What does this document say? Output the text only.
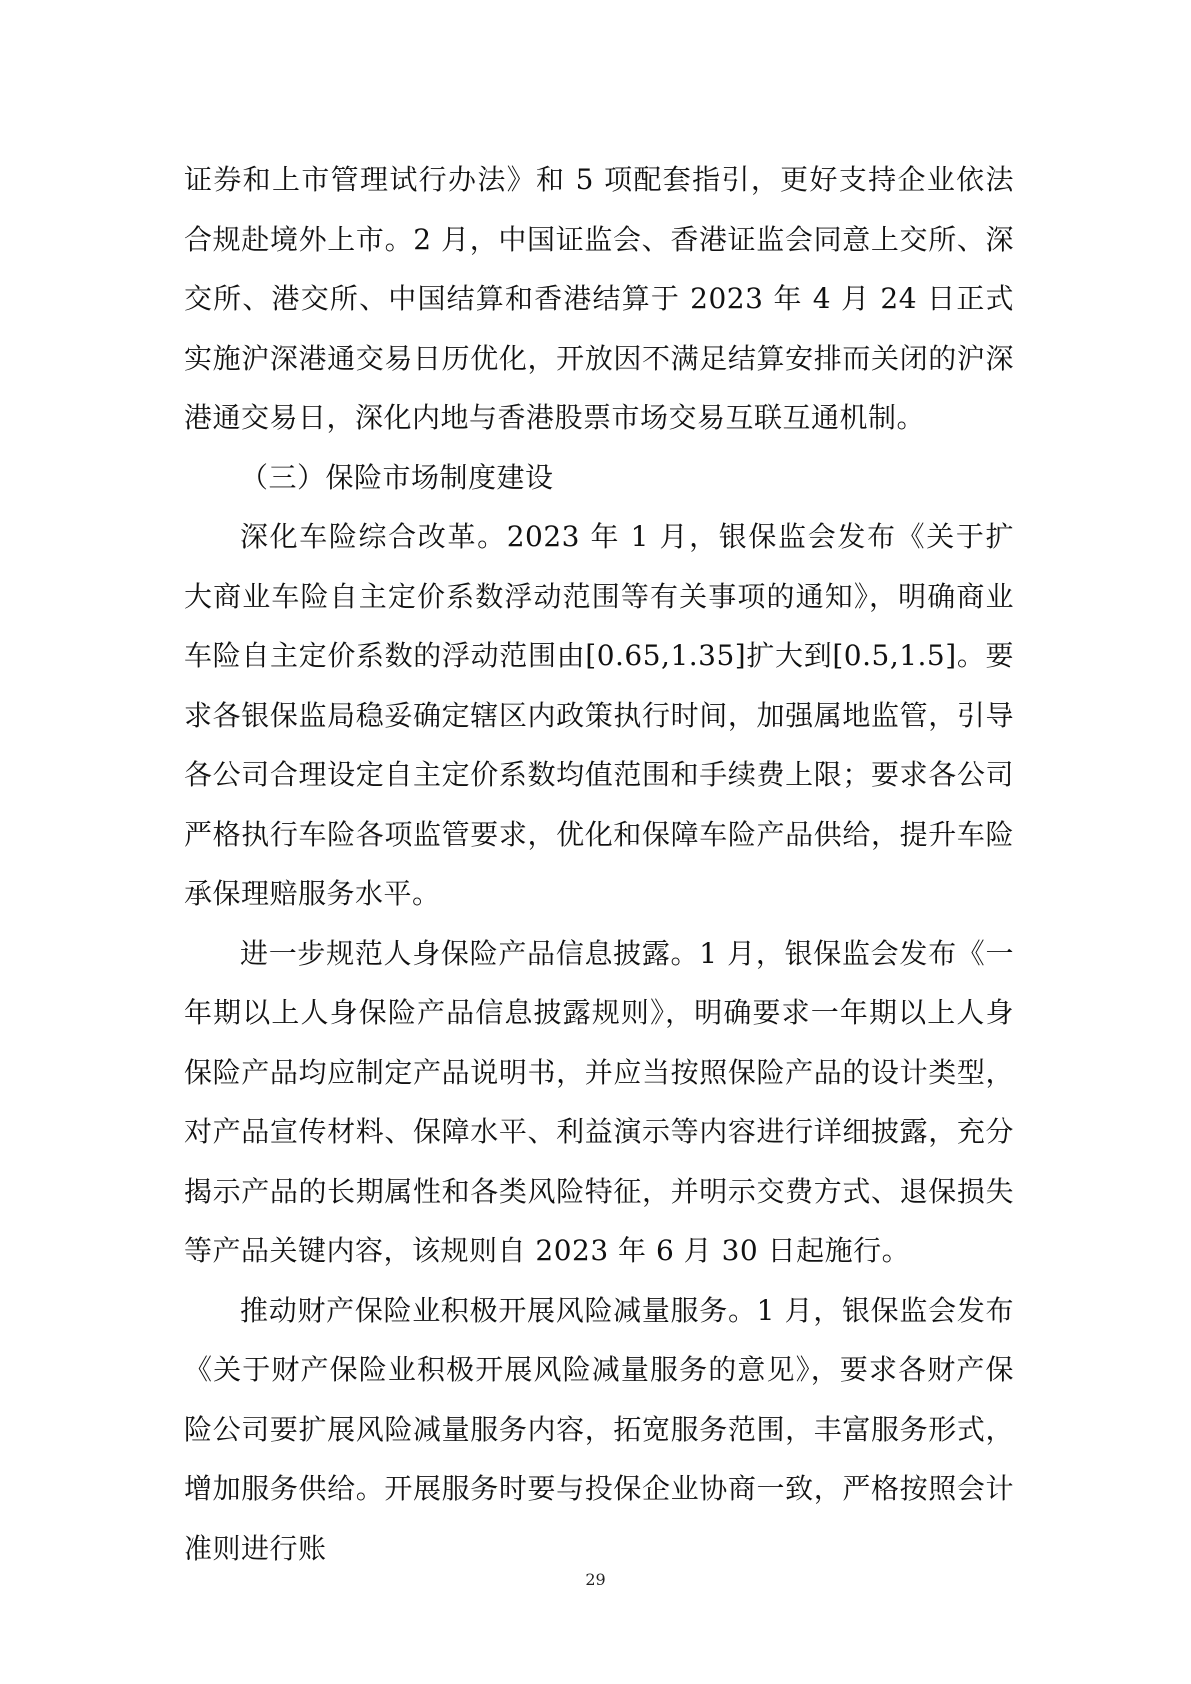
证券和上市管理试行办法》和 5 项配套指引，更好支持企业依法合规赴境外上市。2 月，中国证监会、香港证监会同意上交所、深交所、港交所、中国结算和香港结算于 2023 年 4 月 24 日正式实施沪深港通交易日历优化，开放因不满足结算安排而关闭的沪深港通交易日，深化内地与香港股票市场交易互联互通机制。

（三）保险市场制度建设

深化车险综合改革。2023 年 1 月，银保监会发布《关于扩大商业车险自主定价系数浮动范围等有关事项的通知》，明确商业车险自主定价系数的浮动范围由[0.65,1.35]扩大到[0.5,1.5]。要求各银保监局稳妥确定辖区内政策执行时间，加强属地监管，引导各公司合理设定自主定价系数均值范围和手续费上限；要求各公司严格执行车险各项监管要求，优化和保障车险产品供给，提升车险承保理赔服务水平。

进一步规范人身保险产品信息披露。1 月，银保监会发布《一年期以上人身保险产品信息披露规则》，明确要求一年期以上人身保险产品均应制定产品说明书，并应当按照保险产品的设计类型，对产品宣传材料、保障水平、利益演示等内容进行详细披露，充分揭示产品的长期属性和各类风险特征，并明示交费方式、退保损失等产品关键内容，该规则自 2023 年 6 月 30 日起施行。

推动财产保险业积极开展风险减量服务。1 月，银保监会发布《关于财产保险业积极开展风险减量服务的意见》，要求各财产保险公司要扩展风险减量服务内容，拓宽服务范围，丰富服务形式，增加服务供给。开展服务时要与投保企业协商一致，严格按照会计准则进行账

29
